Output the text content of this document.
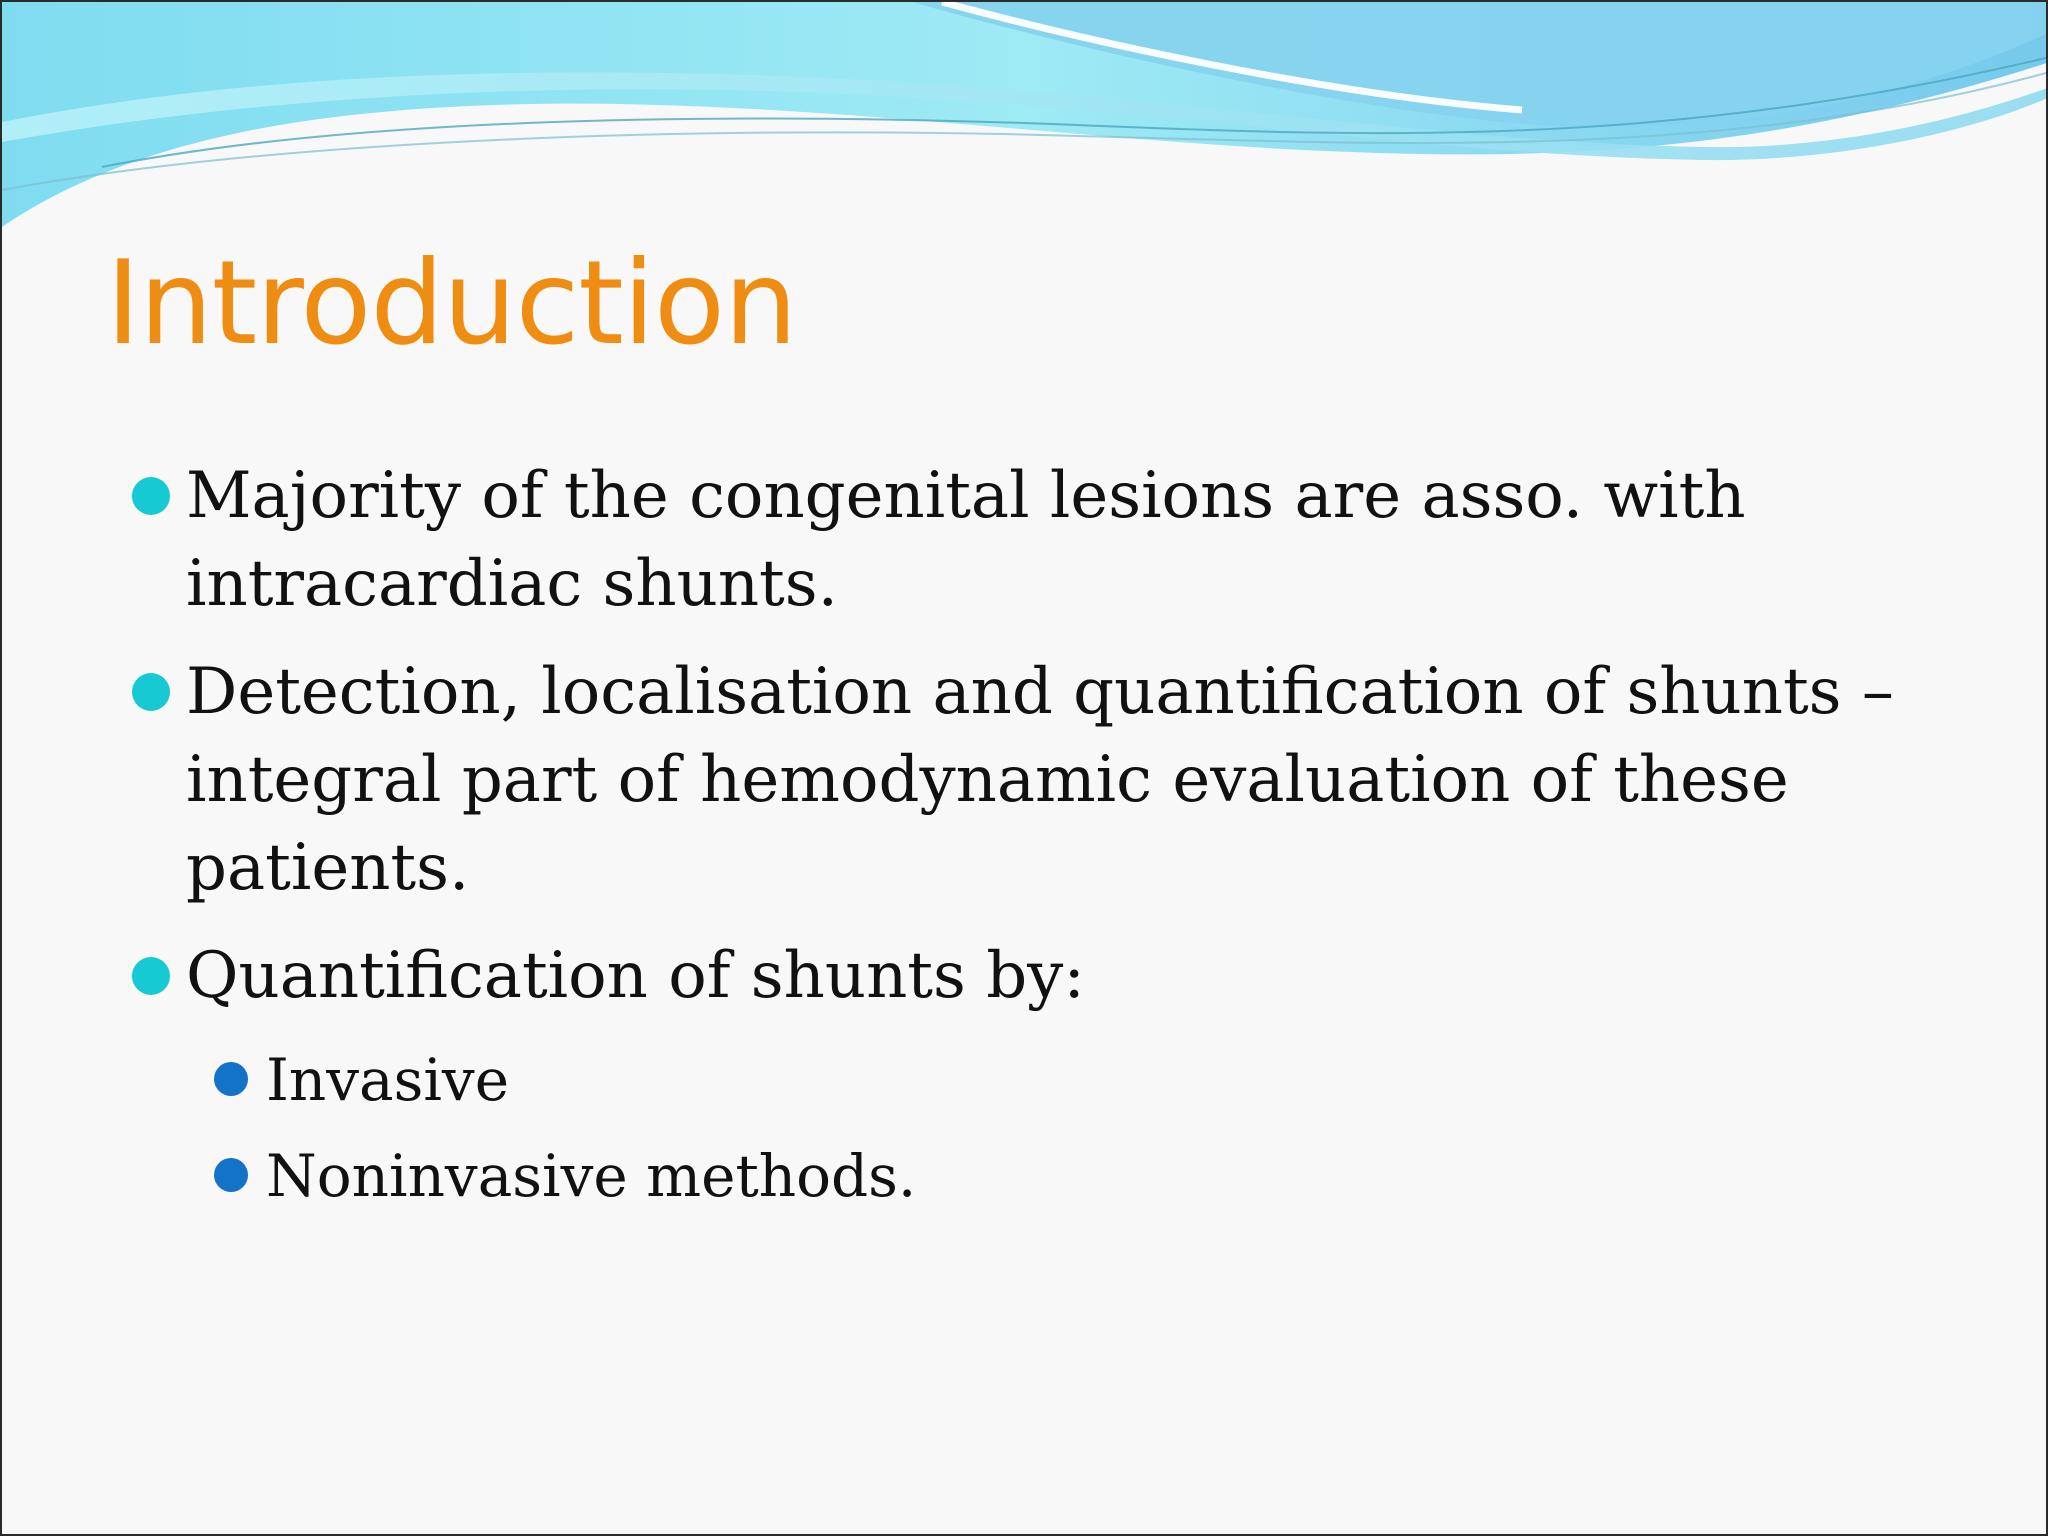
Introduction
Majority of the congenital lesions are asso. with intracardiac shunts.
Detection, localisation and quantification of shunts – integral part of hemodynamic evaluation of these patients.
Quantification of shunts by:
Invasive
Noninvasive methods.
